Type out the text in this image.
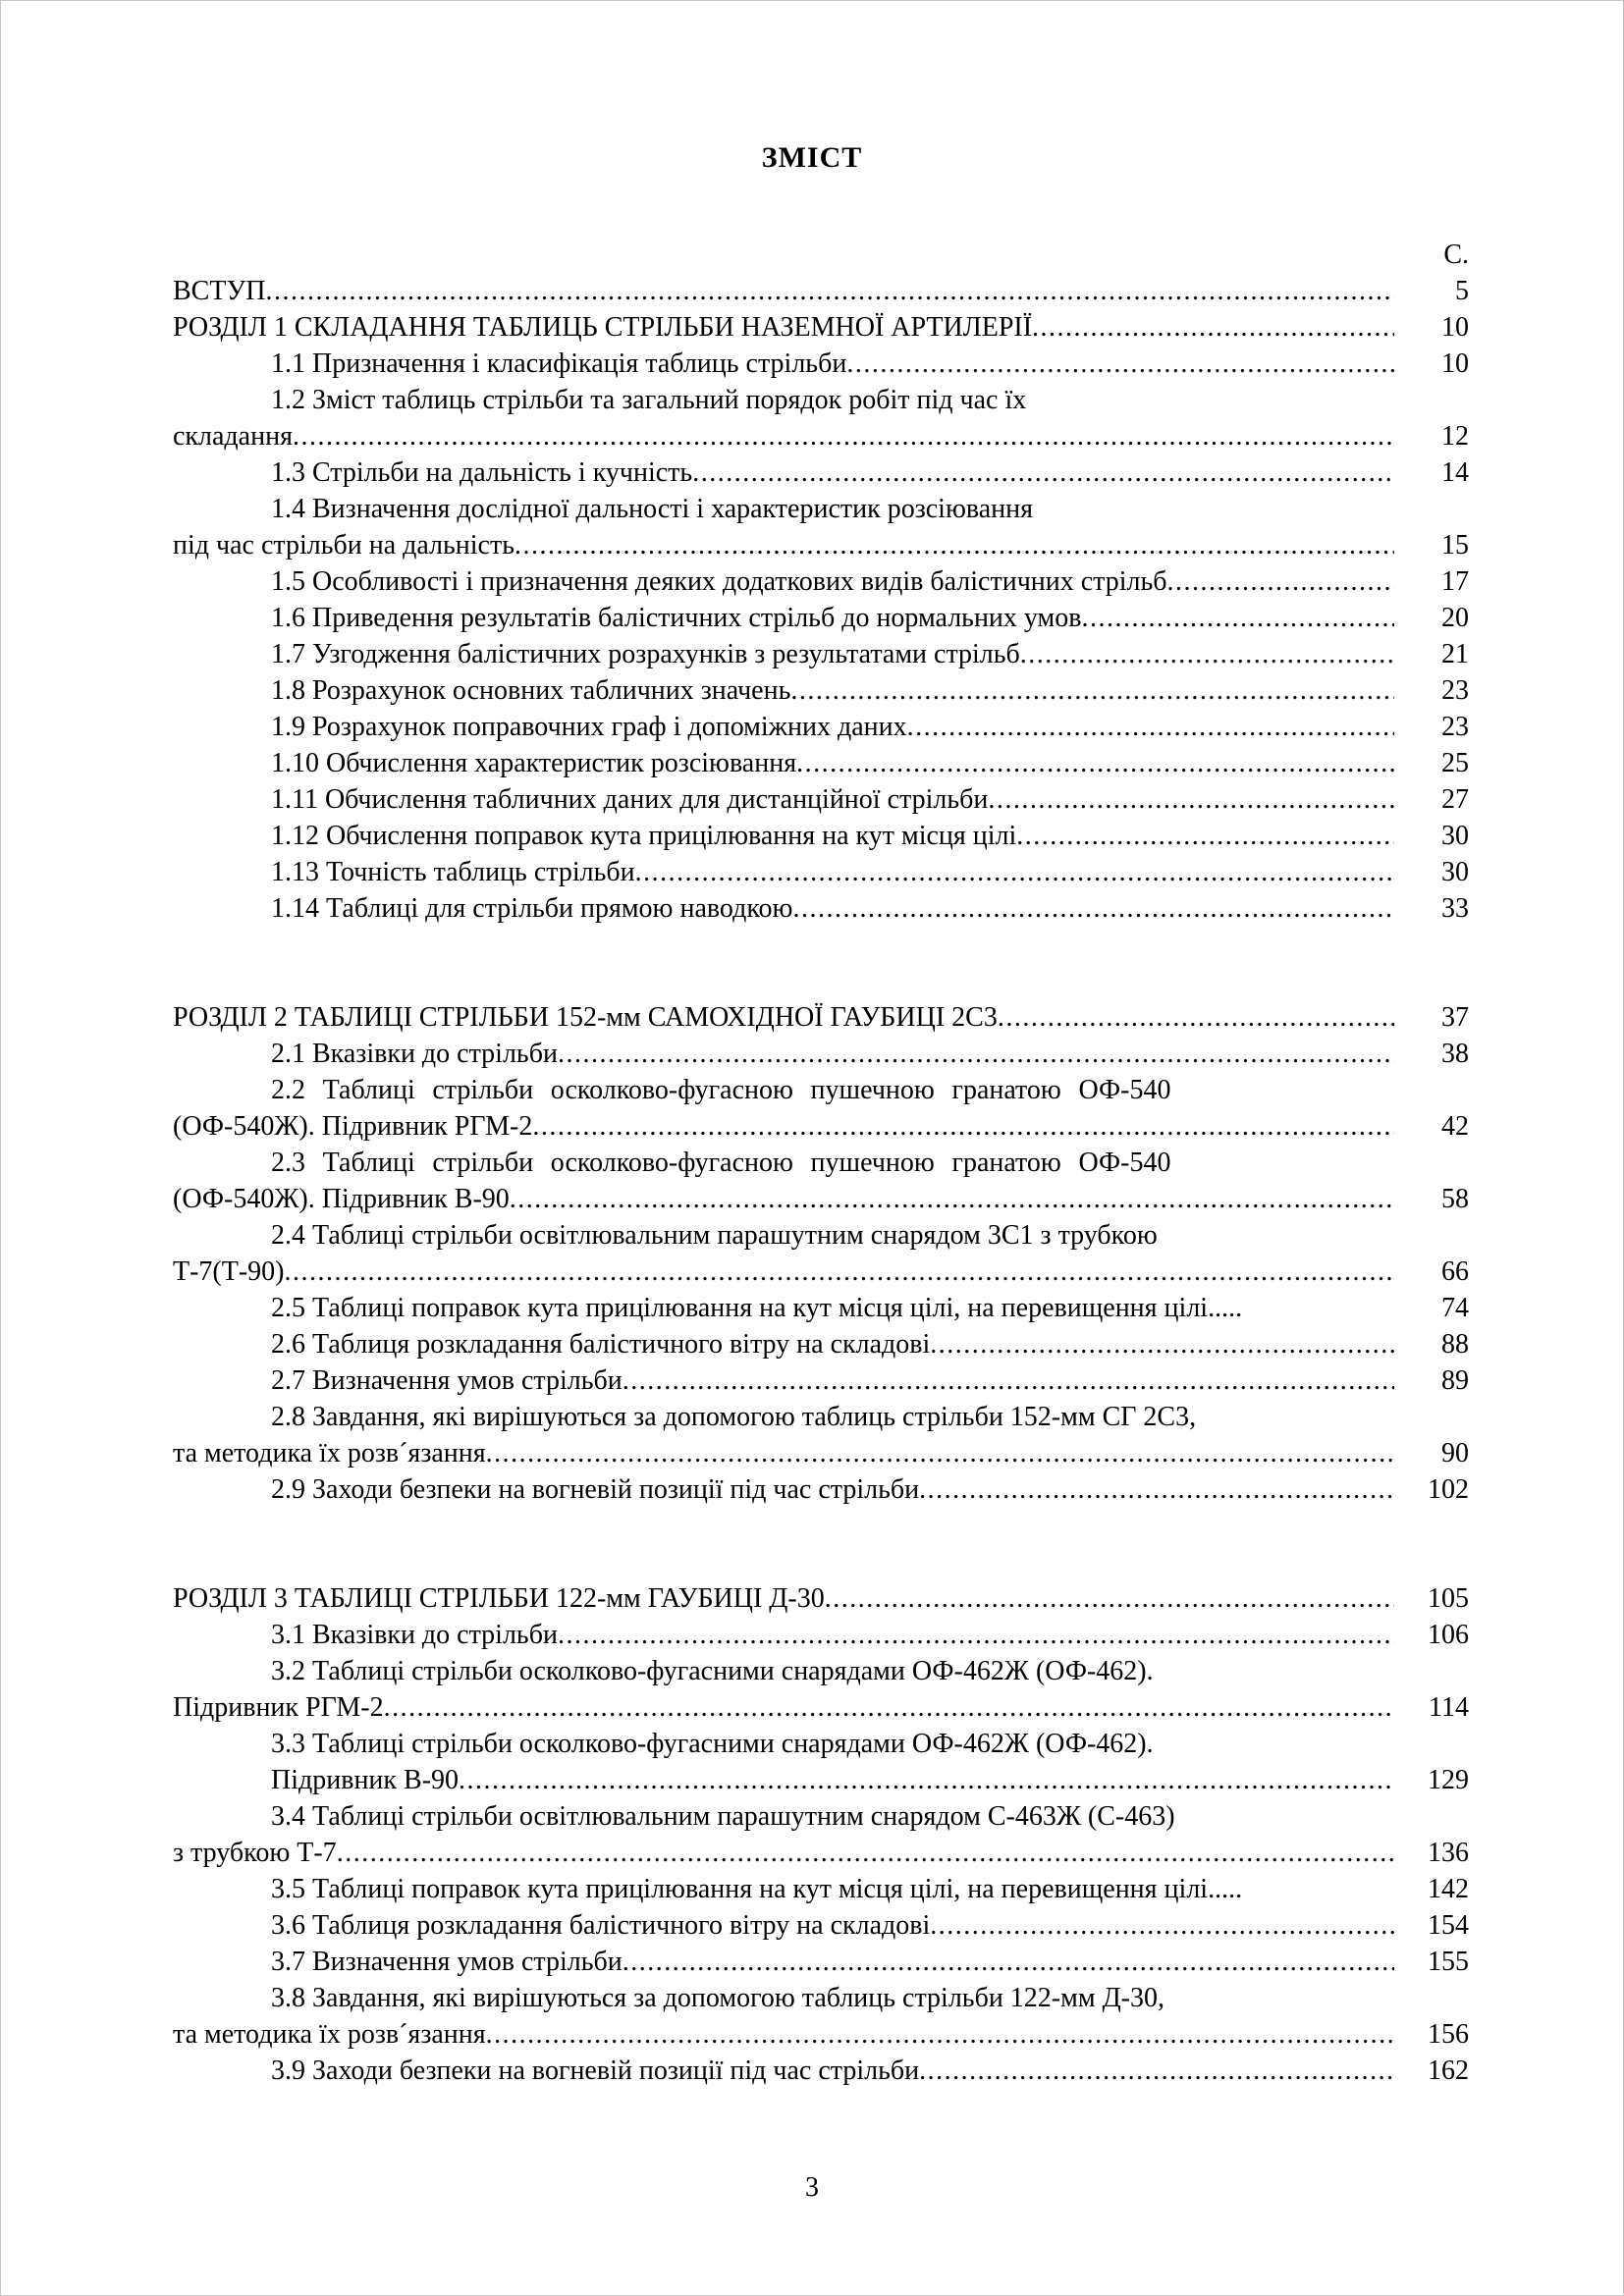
ЗМІСТ
С.
ВСТУП .....	5
РОЗДІЛ 1 СКЛАДАННЯ ТАБЛИЦЬ СТРІЛЬБИ НАЗЕМНОЇ АРТИЛЕРІЇ .....	10
1.1 Призначення і класифікація таблиць стрільби .....	10
1.2 Зміст таблиць стрільби та загальний порядок робіт під час їх
складання .....	12
1.3 Стрільби на дальність і кучність .....	14
1.4 Визначення дослідної дальності і характеристик розсіювання
під час стрільби на дальність .....	15
1.5 Особливості і призначення деяких додаткових видів балістичних стрільб .....	17
1.6 Приведення результатів балістичних стрільб до нормальних умов .....	20
1.7 Узгодження балістичних розрахунків з результатами стрільб .....	21
1.8 Розрахунок основних табличних значень .....	23
1.9 Розрахунок поправочних граф і допоміжних даних .....	23
1.10 Обчислення характеристик розсіювання .....	25
1.11 Обчислення табличних даних для дистанційної стрільби .....	27
1.12 Обчислення поправок кута прицілювання на кут місця цілі .....	30
1.13 Точність таблиць стрільби .....	30
1.14 Таблиці для стрільби прямою наводкою .....	33
РОЗДІЛ 2 ТАБЛИЦІ СТРІЛЬБИ 152-мм САМОХІДНОЇ ГАУБИЦІ 2С3 .....	37
2.1 Вказівки до стрільби .....	38
2.2 Таблиці стрільби осколково-фугасною пушечною гранатою ОФ-540
(ОФ-540Ж). Підривник РГМ-2 .....	42
2.3 Таблиці стрільби осколково-фугасною пушечною гранатою ОФ-540
(ОФ-540Ж). Підривник В-90 .....	58
2.4 Таблиці стрільби освітлювальним парашутним снарядом 3С1 з трубкою
Т-7(Т-90) .....	66
2.5 Таблиці поправок кута прицілювання на кут місця цілі, на перевищення цілі.....	74
2.6 Таблиця розкладання балістичного вітру на складові .....	88
2.7 Визначення умов стрільби .....	89
2.8 Завдання, які вирішуються за допомогою таблиць стрільби 152-мм СГ 2С3,
та методика їх розв´язання .....	90
2.9 Заходи безпеки на вогневій позиції під час стрільби .....	102
РОЗДІЛ 3 ТАБЛИЦІ СТРІЛЬБИ 122-мм ГАУБИЦІ Д-30 .....	105
3.1 Вказівки до стрільби .....	106
3.2 Таблиці стрільби осколково-фугасними снарядами ОФ-462Ж (ОФ-462).
Підривник РГМ-2 .....	114
3.3 Таблиці стрільби осколково-фугасними снарядами ОФ-462Ж (ОФ-462).
Підривник В-90 .....	129
3.4 Таблиці стрільби освітлювальним парашутним снарядом С-463Ж (С-463)
з трубкою Т-7 .....	136
3.5 Таблиці поправок кута прицілювання на кут місця цілі, на перевищення цілі.....	142
3.6 Таблиця розкладання балістичного вітру на складові .....	154
3.7 Визначення умов стрільби .....	155
3.8 Завдання, які вирішуються за допомогою таблиць стрільби 122-мм Д-30,
та методика їх розв´язання .....	156
3.9 Заходи безпеки на вогневій позиції під час стрільби .....	162
3
